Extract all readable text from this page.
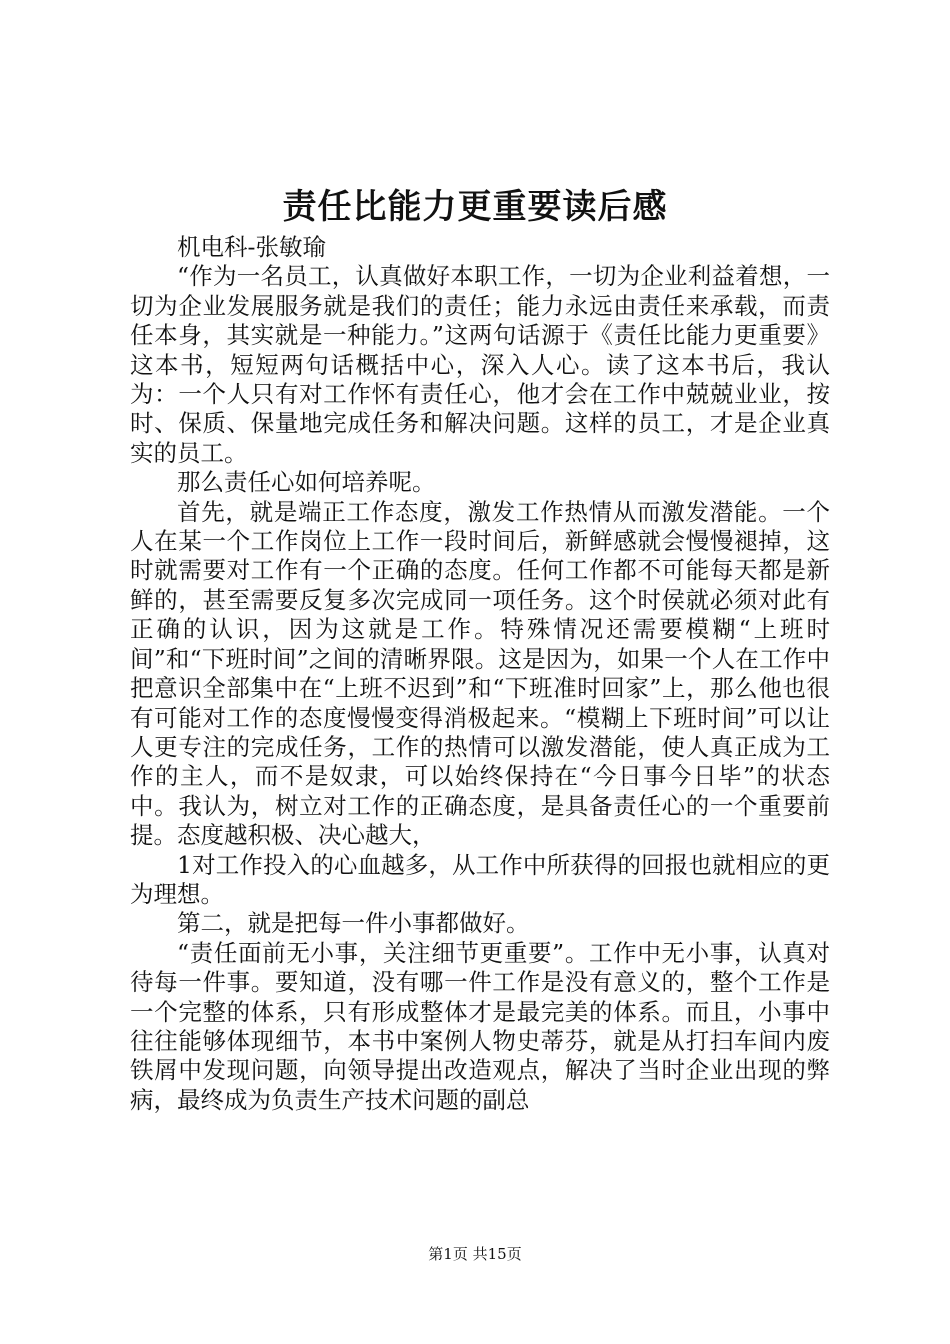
责任比能力更重要读后感

机电科-张敏瑜

“作为一名员工，认真做好本职工作，一切为企业利益着想，一切为企业发展服务就是我们的责任；能力永远由责任来承载，而责任本身，其实就是一种能力。”这两句话源于《责任比能力更重要》这本书，短短两句话概括中心，深入人心。读了这本书后，我认为：一个人只有对工作怀有责任心，他才会在工作中兢兢业业，按时、保质、保量地完成任务和解决问题。这样的员工，才是企业真实的员工。

那么责任心如何培养呢。

首先，就是端正工作态度，激发工作热情从而激发潜能。一个人在某一个工作岗位上工作一段时间后，新鲜感就会慢慢褪掉，这时就需要对工作有一个正确的态度。任何工作都不可能每天都是新鲜的，甚至需要反复多次完成同一项任务。这个时侯就必须对此有正确的认识，因为这就是工作。特殊情况还需要模糊“上班时间”和“下班时间”之间的清晰界限。这是因为，如果一个人在工作中把意识全部集中在“上班不迟到”和“下班准时回家”上，那么他也很有可能对工作的态度慢慢变得消极起来。“模糊上下班时间”可以让人更专注的完成任务，工作的热情可以激发潜能，使人真正成为工作的主人，而不是奴隶，可以始终保持在“今日事今日毕”的状态中。我认为，树立对工作的正确态度，是具备责任心的一个重要前提。态度越积极、决心越大，

1对工作投入的心血越多，从工作中所获得的回报也就相应的更为理想。

第二，就是把每一件小事都做好。

“责任面前无小事，关注细节更重要”。工作中无小事，认真对待每一件事。要知道，没有哪一件工作是没有意义的，整个工作是一个完整的体系，只有形成整体才是最完美的体系。而且，小事中往往能够体现细节，本书中案例人物史蒂芬，就是从打扫车间内废铁屑中发现问题，向领导提出改造观点，解决了当时企业出现的弊病，最终成为负责生产技术问题的副总

第1页 共15页
